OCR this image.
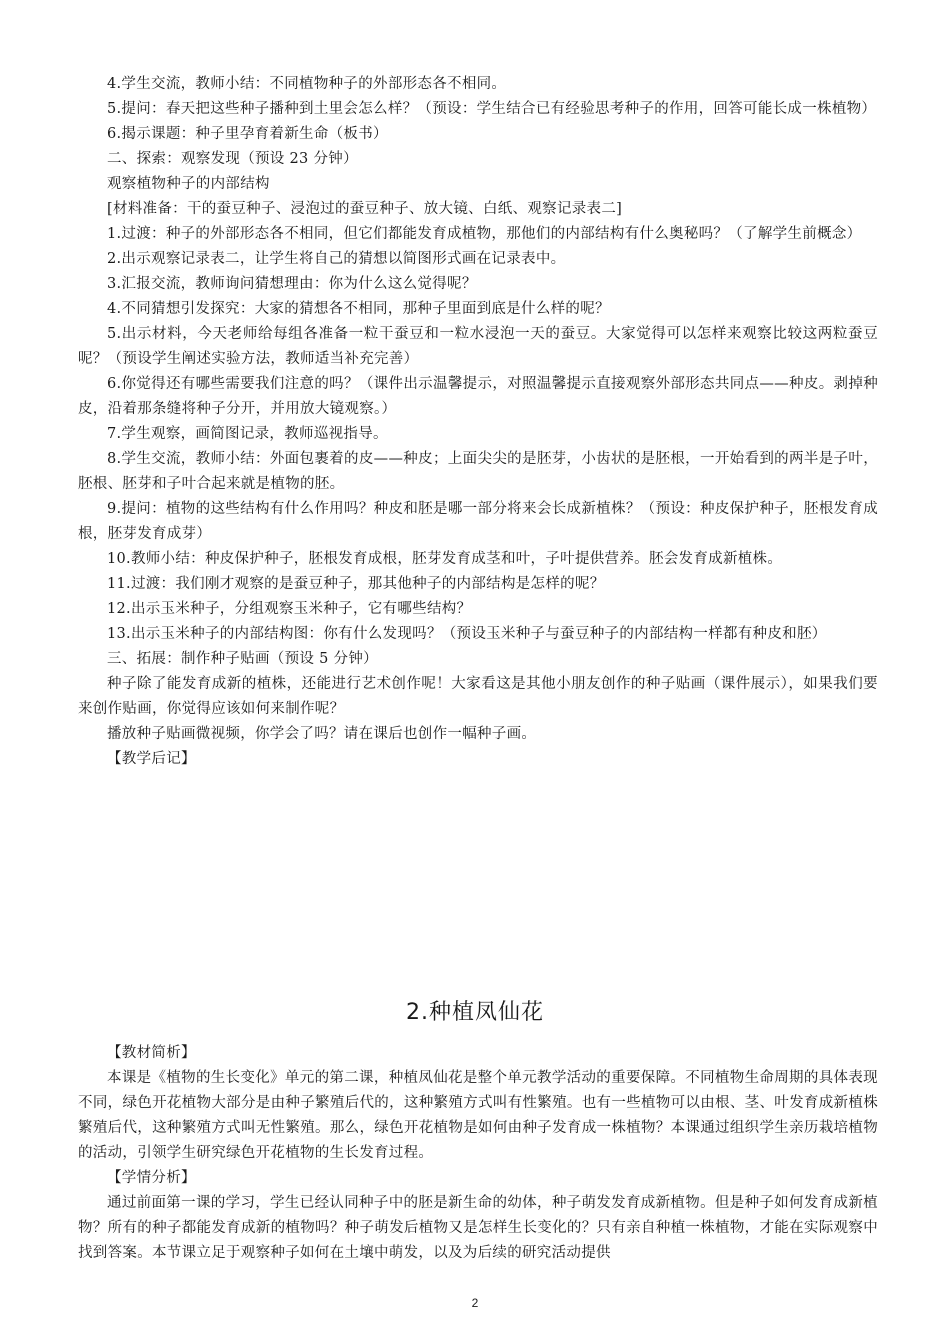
4.学生交流，教师小结：不同植物种子的外部形态各不相同。

5.提问：春天把这些种子播种到土里会怎么样？（预设：学生结合已有经验思考种子的作用，回答可能长成一株植物）

6.揭示课题：种子里孕育着新生命（板书）

二、探索：观察发现（预设 23 分钟）

观察植物种子的内部结构

[材料准备：干的蚕豆种子、浸泡过的蚕豆种子、放大镜、白纸、观察记录表二]

1.过渡：种子的外部形态各不相同，但它们都能发育成植物，那他们的内部结构有什么奥秘吗？（了解学生前概念）

2.出示观察记录表二，让学生将自己的猜想以简图形式画在记录表中。

3.汇报交流，教师询问猜想理由：你为什么这么觉得呢？

4.不同猜想引发探究：大家的猜想各不相同，那种子里面到底是什么样的呢？

5.出示材料，今天老师给每组各准备一粒干蚕豆和一粒水浸泡一天的蚕豆。大家觉得可以怎样来观察比较这两粒蚕豆呢？（预设学生阐述实验方法，教师适当补充完善）

6.你觉得还有哪些需要我们注意的吗？（课件出示温馨提示，对照温馨提示直接观察外部形态共同点——种皮。剥掉种皮，沿着那条缝将种子分开，并用放大镜观察。）

7.学生观察，画简图记录，教师巡视指导。

8.学生交流，教师小结：外面包裹着的皮——种皮；上面尖尖的是胚芽，小齿状的是胚根，一开始看到的两半是子叶，胚根、胚芽和子叶合起来就是植物的胚。

9.提问：植物的这些结构有什么作用吗？种皮和胚是哪一部分将来会长成新植株？（预设：种皮保护种子，胚根发育成根，胚芽发育成芽）

10.教师小结：种皮保护种子，胚根发育成根，胚芽发育成茎和叶，子叶提供营养。胚会发育成新植株。

11.过渡：我们刚才观察的是蚕豆种子，那其他种子的内部结构是怎样的呢？

12.出示玉米种子，分组观察玉米种子，它有哪些结构？

13.出示玉米种子的内部结构图：你有什么发现吗？（预设玉米种子与蚕豆种子的内部结构一样都有种皮和胚）

三、拓展：制作种子贴画（预设 5 分钟）

种子除了能发育成新的植株，还能进行艺术创作呢！大家看这是其他小朋友创作的种子贴画（课件展示），如果我们要来创作贴画，你觉得应该如何来制作呢？

播放种子贴画微视频，你学会了吗？请在课后也创作一幅种子画。

【教学后记】

2.种植凤仙花

【教材简析】

本课是《植物的生长变化》单元的第二课，种植凤仙花是整个单元教学活动的重要保障。不同植物生命周期的具体表现不同，绿色开花植物大部分是由种子繁殖后代的，这种繁殖方式叫有性繁殖。也有一些植物可以由根、茎、叶发育成新植株繁殖后代，这种繁殖方式叫无性繁殖。那么，绿色开花植物是如何由种子发育成一株植物？本课通过组织学生亲历栽培植物的活动，引领学生研究绿色开花植物的生长发育过程。

【学情分析】

通过前面第一课的学习，学生已经认同种子中的胚是新生命的幼体，种子萌发发育成新植物。但是种子如何发育成新植物？所有的种子都能发育成新的植物吗？种子萌发后植物又是怎样生长变化的？只有亲自种植一株植物，才能在实际观察中找到答案。本节课立足于观察种子如何在土壤中萌发，以及为后续的研究活动提供

2
